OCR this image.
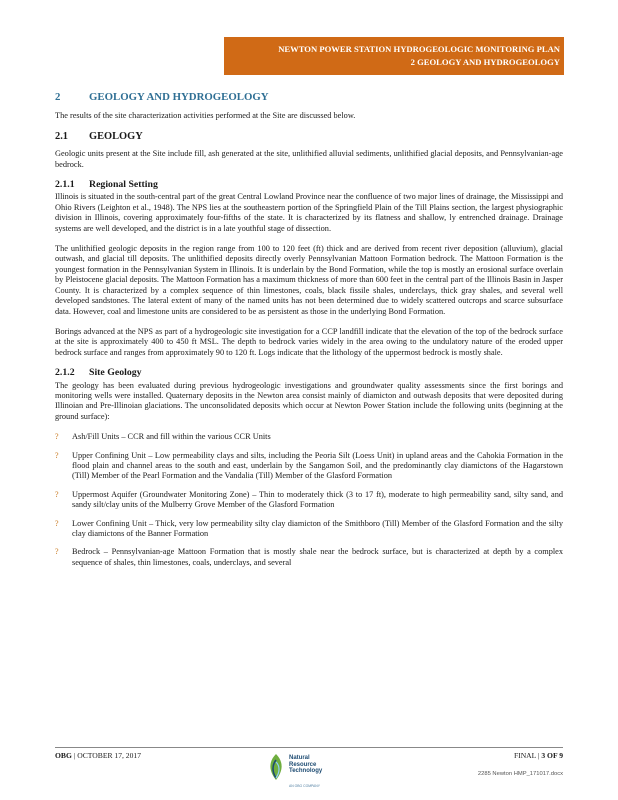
NEWTON POWER STATION HYDROGEOLOGIC MONITORING PLAN
2 GEOLOGY AND HYDROGEOLOGY
2	GEOLOGY AND HYDROGEOLOGY

The results of the site characterization activities performed at the Site are discussed below.

2.1 GEOLOGY

Geologic units present at the Site include fill, ash generated at the site, unlithified alluvial sediments, unlithified glacial deposits, and Pennsylvanian-age bedrock.

2.1.1 Regional Setting

Illinois is situated in the south-central part of the great Central Lowland Province near the confluence of two major lines of drainage, the Mississippi and Ohio Rivers (Leighton et al., 1948). The NPS lies at the southeastern portion of the Springfield Plain of the Till Plains section, the largest physiographic division in Illinois, covering approximately four-fifths of the state. It is characterized by its flatness and shallow, ly entrenched drainage. Drainage systems are well developed, and the district is in a late youthful stage of dissection.

The unlithified geologic deposits in the region range from 100 to 120 feet (ft) thick and are derived from recent river deposition (alluvium), glacial outwash, and glacial till deposits. The unlithified deposits directly overly Pennsylvanian Mattoon Formation bedrock. The Mattoon Formation is the youngest formation in the Pennsylvanian System in Illinois. It is underlain by the Bond Formation, while the top is mostly an erosional surface overlain by Pleistocene glacial deposits. The Mattoon Formation has a maximum thickness of more than 600 feet in the central part of the Illinois Basin in Jasper County. It is characterized by a complex sequence of thin limestones, coals, black fissile shales, underclays, thick gray shales, and several well developed sandstones. The lateral extent of many of the named units has not been determined due to widely scattered outcrops and scarce subsurface data. However, coal and limestone units are considered to be as persistent as those in the underlying Bond Formation.

Borings advanced at the NPS as part of a hydrogeologic site investigation for a CCP landfill indicate that the elevation of the top of the bedrock surface at the site is approximately 400 to 450 ft MSL. The depth to bedrock varies widely in the area owing to the undulatory nature of the eroded upper bedrock surface and ranges from approximately 90 to 120 ft. Logs indicate that the lithology of the uppermost bedrock is mostly shale.

2.1.2 Site Geology

The geology has been evaluated during previous hydrogeologic investigations and groundwater quality assessments since the first borings and monitoring wells were installed. Quaternary deposits in the Newton area consist mainly of diamicton and outwash deposits that were deposited during Illinoian and Pre-Illinoian glaciations. The unconsolidated deposits which occur at Newton Power Station include the following units (beginning at the ground surface):

? Ash/Fill Units – CCR and fill within the various CCR Units
? Upper Confining Unit – Low permeability clays and silts, including the Peoria Silt (Loess Unit) in upland areas and the Cahokia Formation in the flood plain and channel areas to the south and east, underlain by the Sangamon Soil, and the predominantly clay diamictons of the Hagarstown (Till) Member of the Pearl Formation and the Vandalia (Till) Member of the Glasford Formation
? Uppermost Aquifer (Groundwater Monitoring Zone) – Thin to moderately thick (3 to 17 ft), moderate to high permeability sand, silty sand, and sandy silt/clay units of the Mulberry Grove Member of the Glasford Formation
? Lower Confining Unit – Thick, very low permeability silty clay diamicton of the Smithboro (Till) Member of the Glasford Formation and the silty clay diamictons of the Banner Formation
? Bedrock – Pennsylvanian-age Mattoon Formation that is mostly shale near the bedrock surface, but is characterized at depth by a complex sequence of shales, thin limestones, coals, underclays, and several
OBG | OCTOBER 17, 2017	Natural
Resource
Technology
AN OBG COMPANY
FINAL | 3 OF 9
2285 Newton HMP_171017.docx
